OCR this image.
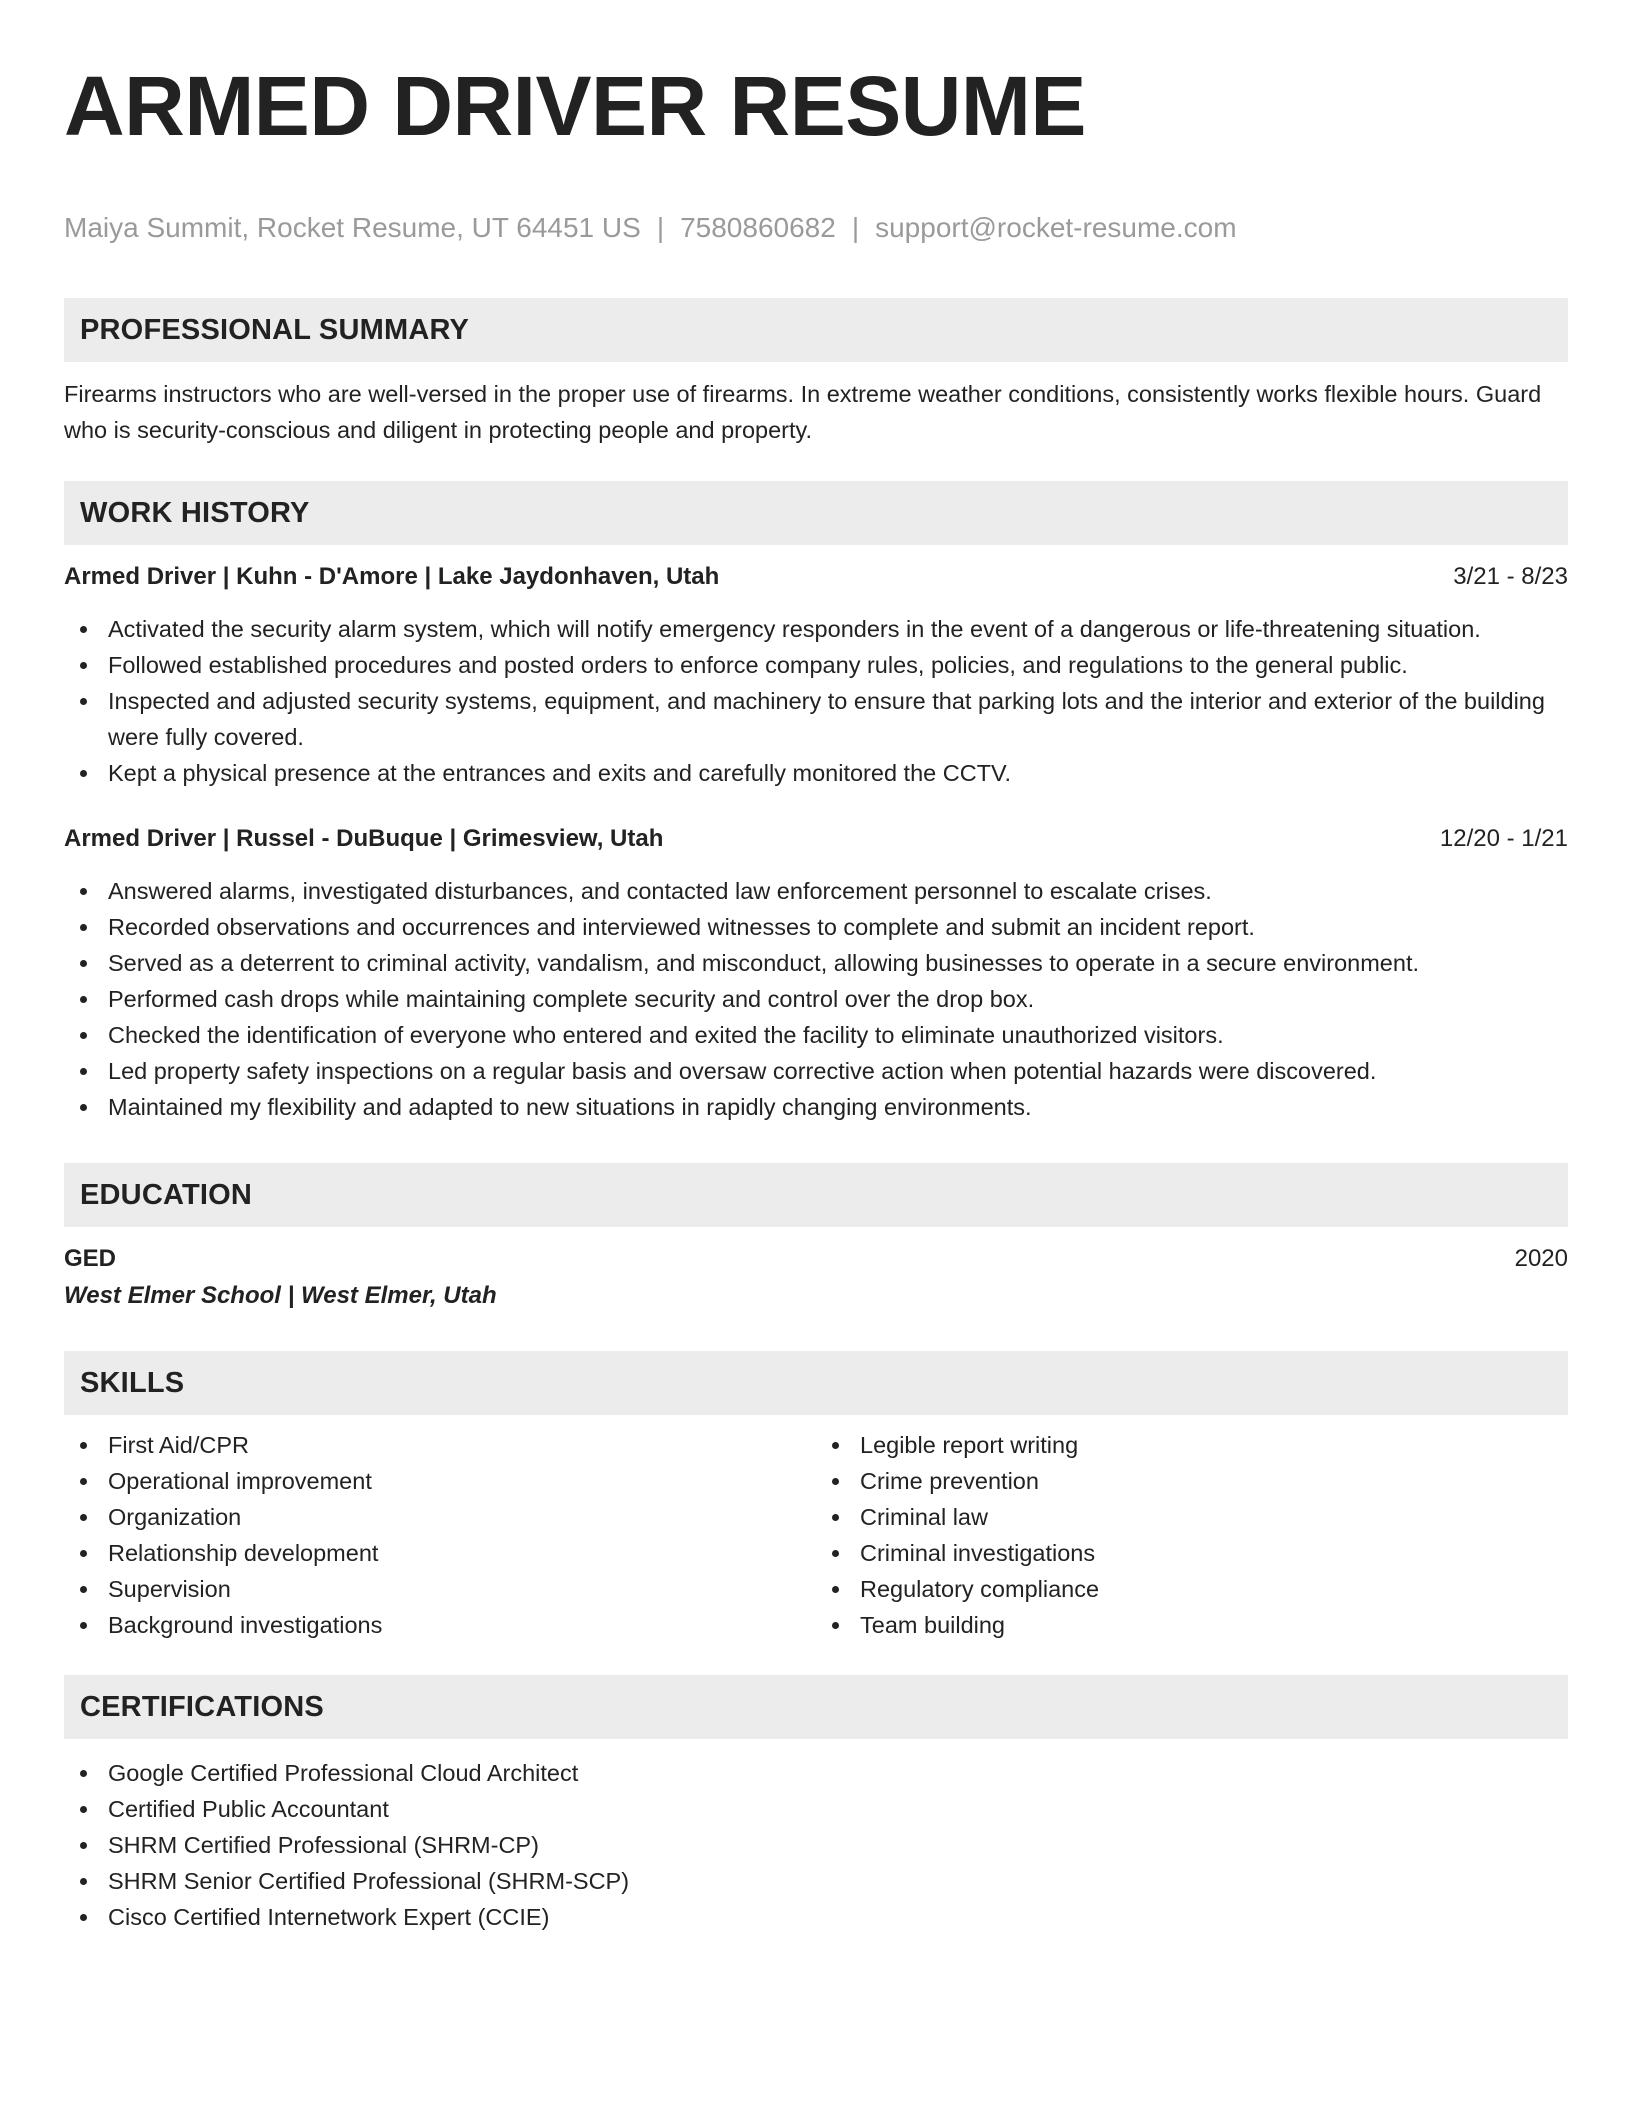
ARMED DRIVER RESUME
Maiya Summit, Rocket Resume, UT 64451 US | 7580860682 | support@rocket-resume.com
PROFESSIONAL SUMMARY

Firearms instructors who are well-versed in the proper use of firearms. In extreme weather conditions, consistently works flexible hours. Guard who is security-conscious and diligent in protecting people and property.

WORK HISTORY
Armed Driver | Kuhn - D'Amore | Lake Jaydonhaven, Utah	3/21 - 8/23
Activated the security alarm system, which will notify emergency responders in the event of a dangerous or life-threatening situation.
Followed established procedures and posted orders to enforce company rules, policies, and regulations to the general public.
Inspected and adjusted security systems, equipment, and machinery to ensure that parking lots and the interior and exterior of the building were fully covered.
Kept a physical presence at the entrances and exits and carefully monitored the CCTV.
Armed Driver | Russel - DuBuque | Grimesview, Utah	12/20 - 1/21
Answered alarms, investigated disturbances, and contacted law enforcement personnel to escalate crises.
Recorded observations and occurrences and interviewed witnesses to complete and submit an incident report.
Served as a deterrent to criminal activity, vandalism, and misconduct, allowing businesses to operate in a secure environment.
Performed cash drops while maintaining complete security and control over the drop box.
Checked the identification of everyone who entered and exited the facility to eliminate unauthorized visitors.
Led property safety inspections on a regular basis and oversaw corrective action when potential hazards were discovered.
Maintained my flexibility and adapted to new situations in rapidly changing environments.
EDUCATION
GED	2020
West Elmer School | West Elmer, Utah
SKILLS
First Aid/CPR
Operational improvement
Organization
Relationship development
Supervision
Background investigations
Legible report writing
Crime prevention
Criminal law
Criminal investigations
Regulatory compliance
Team building
CERTIFICATIONS
Google Certified Professional Cloud Architect
Certified Public Accountant
SHRM Certified Professional (SHRM-CP)
SHRM Senior Certified Professional (SHRM-SCP)
Cisco Certified Internetwork Expert (CCIE)
